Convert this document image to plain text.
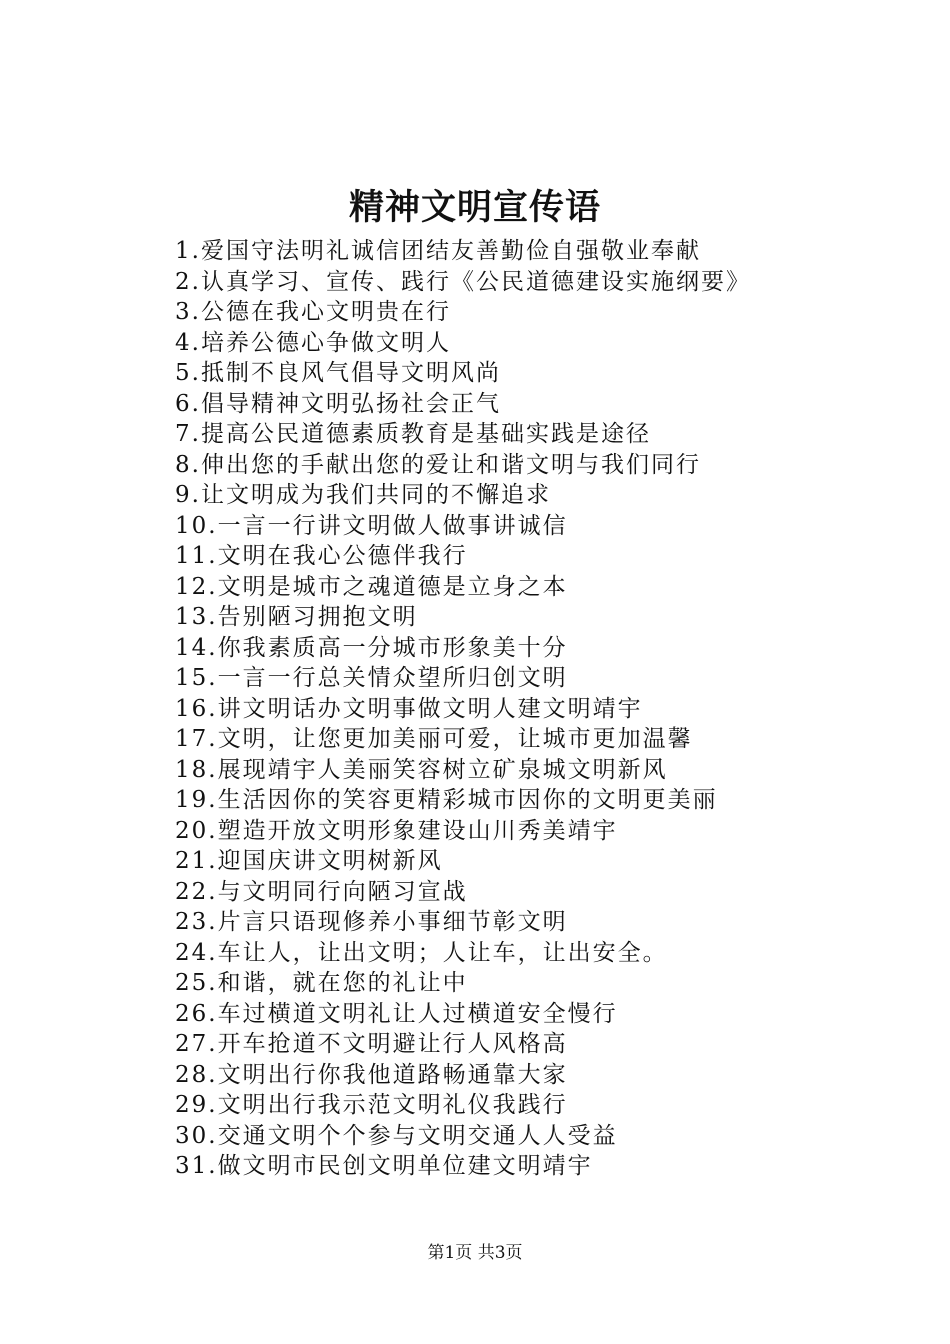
精神文明宣传语
1.爱国守法明礼诚信团结友善勤俭自强敬业奉献
2.认真学习、宣传、践行《公民道德建设实施纲要》
3.公德在我心文明贵在行
4.培养公德心争做文明人
5.抵制不良风气倡导文明风尚
6.倡导精神文明弘扬社会正气
7.提高公民道德素质教育是基础实践是途径
8.伸出您的手献出您的爱让和谐文明与我们同行
9.让文明成为我们共同的不懈追求
10.一言一行讲文明做人做事讲诚信
11.文明在我心公德伴我行
12.文明是城市之魂道德是立身之本
13.告别陋习拥抱文明
14.你我素质高一分城市形象美十分
15.一言一行总关情众望所归创文明
16.讲文明话办文明事做文明人建文明靖宇
17.文明，让您更加美丽可爱，让城市更加温馨
18.展现靖宇人美丽笑容树立矿泉城文明新风
19.生活因你的笑容更精彩城市因你的文明更美丽
20.塑造开放文明形象建设山川秀美靖宇
21.迎国庆讲文明树新风
22.与文明同行向陋习宣战
23.片言只语现修养小事细节彰文明
24.车让人，让出文明；人让车，让出安全。
25.和谐，就在您的礼让中
26.车过横道文明礼让人过横道安全慢行
27.开车抢道不文明避让行人风格高
28.文明出行你我他道路畅通靠大家
29.文明出行我示范文明礼仪我践行
30.交通文明个个参与文明交通人人受益
31.做文明市民创文明单位建文明靖宇
第1页 共3页
